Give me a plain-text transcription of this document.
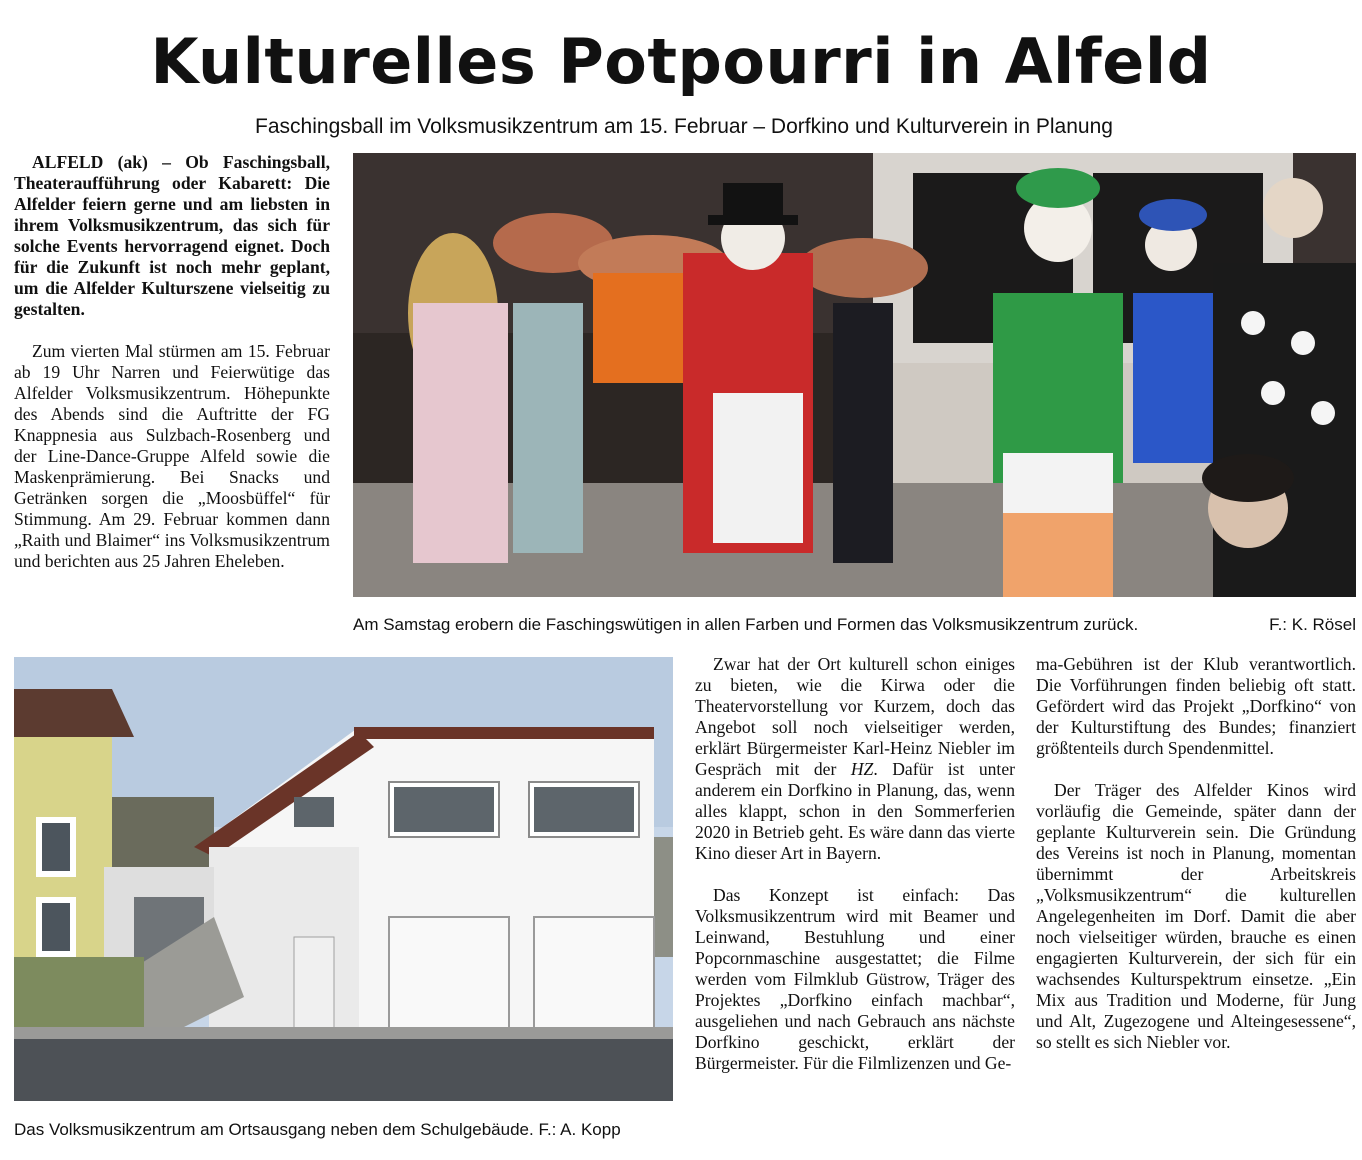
Kulturelles Potpourri in Alfeld
Faschingsball im Volksmusikzentrum am 15. Februar – Dorfkino und Kulturverein in Planung

ALFELD (ak) – Ob Faschingsball, Theateraufführung oder Kabarett: Die Alfelder feiern gerne und am liebsten in ihrem Volksmusikzentrum, das sich für solche Events hervorragend eignet. Doch für die Zukunft ist noch mehr geplant, um die Alfelder Kulturszene vielseitig zu gestalten.

Zum vierten Mal stürmen am 15. Februar ab 19 Uhr Narren und Feierwütige das Alfelder Volksmusikzentrum. Höhepunkte des Abends sind die Auftritte der FG Knappnesia aus Sulzbach-Rosenberg und der Line-Dance-Gruppe Alfeld sowie die Maskenprämierung. Bei Snacks und Getränken sorgen die „Moosbüffel“ für Stimmung. Am 29. Februar kommen dann „Raith und Blaimer“ ins Volksmusikzentrum und berichten aus 25 Jahren Eheleben.

Am Samstag erobern die Faschingswütigen in allen Farben und Formen das Volksmusikzentrum zurück.	F.: K. Rösel
Das Volksmusikzentrum am Ortsausgang neben dem Schulgebäude. F.: A. Kopp

Zwar hat der Ort kulturell schon einiges zu bieten, wie die Kirwa oder die Theatervorstellung vor Kurzem, doch das Angebot soll noch vielseitiger werden, erklärt Bürgermeister Karl-Heinz Niebler im Gespräch mit der HZ. Dafür ist unter anderem ein Dorfkino in Planung, das, wenn alles klappt, schon in den Sommerferien 2020 in Betrieb geht. Es wäre dann das vierte Kino dieser Art in Bayern.

Das Konzept ist einfach: Das Volksmusikzentrum wird mit Beamer und Leinwand, Bestuhlung und einer Popcornmaschine ausgestattet; die Filme werden vom Filmklub Güstrow, Träger des Projektes „Dorfkino einfach machbar“, ausgeliehen und nach Gebrauch ans nächste Dorfkino geschickt, erklärt der Bürgermeister. Für die Filmlizenzen und Ge-

ma-Gebühren ist der Klub verantwortlich. Die Vorführungen finden beliebig oft statt. Gefördert wird das Projekt „Dorfkino“ von der Kulturstiftung des Bundes; finanziert größtenteils durch Spendenmittel.

Der Träger des Alfelder Kinos wird vorläufig die Gemeinde, später dann der geplante Kulturverein sein. Die Gründung des Vereins ist noch in Planung, momentan übernimmt der Arbeitskreis „Volksmusikzentrum“ die kulturellen Angelegenheiten im Dorf. Damit die aber noch vielseitiger würden, brauche es einen engagierten Kulturverein, der sich für ein wachsendes Kulturspektrum einsetze. „Ein Mix aus Tradition und Moderne, für Jung und Alt, Zugezogene und Alteingesessene“, so stellt es sich Niebler vor.
